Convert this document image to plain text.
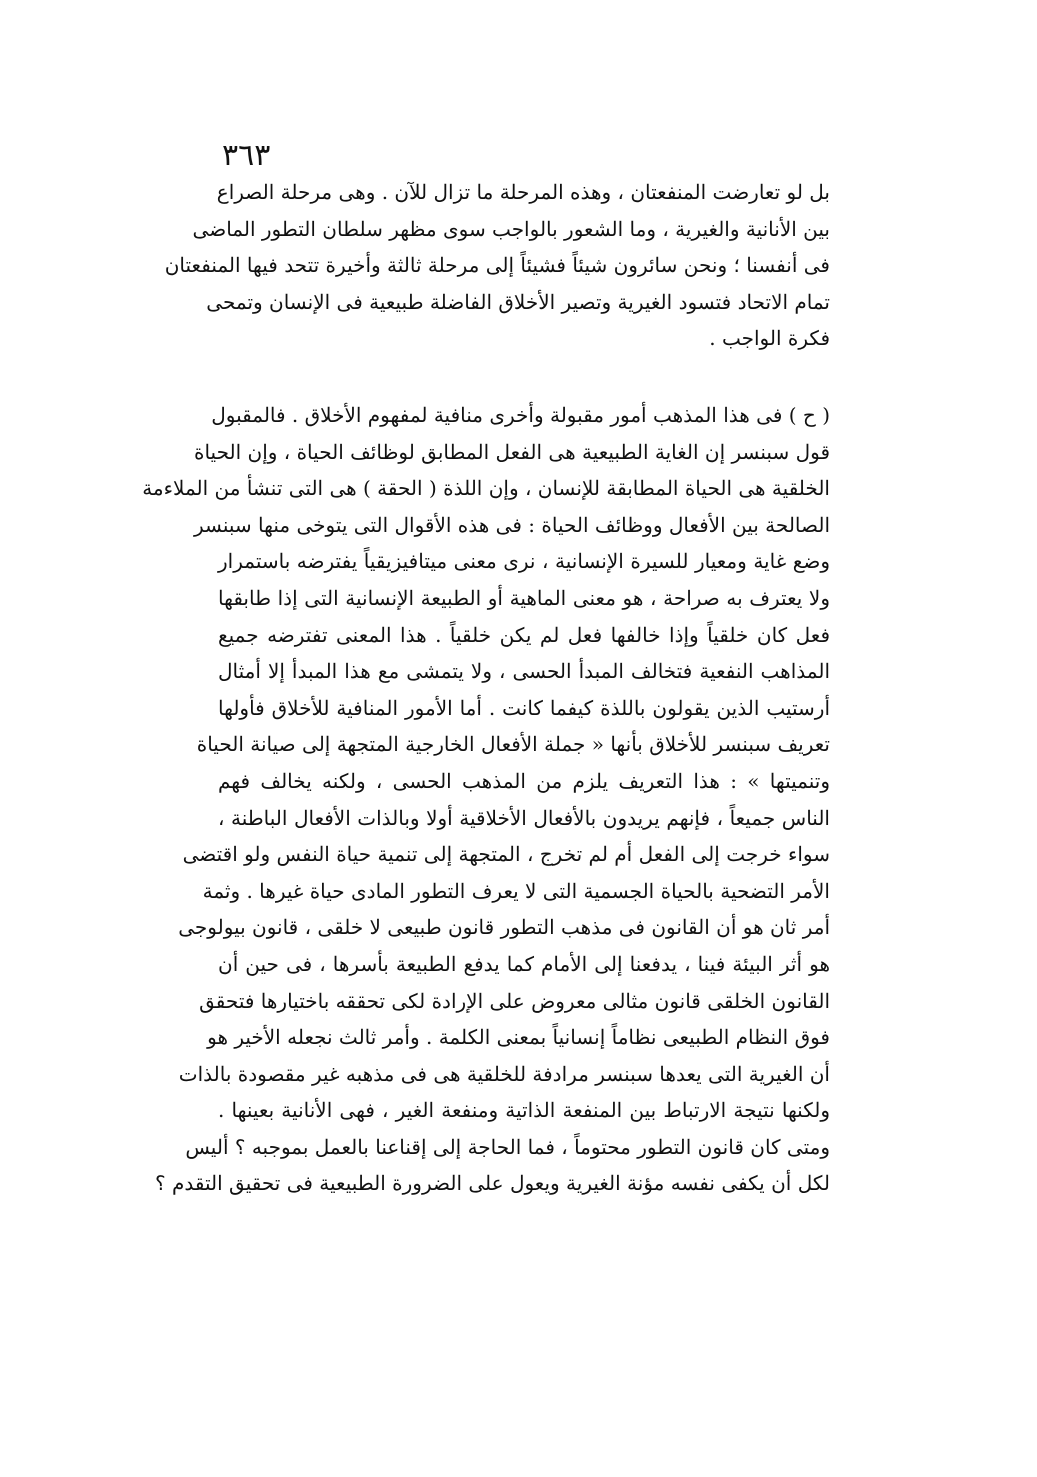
٣٦٣
بل لو تعارضت المنفعتان ، وهذه المرحلة ما تزال للآن . وهى مرحلة الصراع
بين الأنانية والغيرية ، وما الشعور بالواجب سوى مظهر سلطان التطور الماضى
فى أنفسنا ؛ ونحن سائرون شيئاً فشيئاً إلى مرحلة ثالثة وأخيرة تتحد فيها المنفعتان
تمام الاتحاد فتسود الغيرية وتصير الأخلاق الفاضلة طبيعية فى الإنسان وتمحى
فكرة الواجب .
( ح ) فى هذا المذهب أمور مقبولة وأخرى منافية لمفهوم الأخلاق . فالمقبول
قول سبنسر إن الغاية الطبيعية هى الفعل المطابق لوظائف الحياة ، وإن الحياة
الخلقية هى الحياة المطابقة للإنسان ، وإن اللذة ( الحقة ) هى التى تنشأ من الملاءمة
الصالحة بين الأفعال ووظائف الحياة : فى هذه الأقوال التى يتوخى منها سبنسر
وضع غاية ومعيار للسيرة الإنسانية ، نرى معنى ميتافيزيقياً يفترضه باستمرار
ولا يعترف به صراحة ، هو معنى الماهية أو الطبيعة الإنسانية التى إذا طابقها
فعل كان خلقياً وإذا خالفها فعل لم يكن خلقياً . هذا المعنى تفترضه جميع
المذاهب النفعية فتخالف المبدأ الحسى ، ولا يتمشى مع هذا المبدأ إلا أمثال
أرستيب الذين يقولون باللذة كيفما كانت . أما الأمور المنافية للأخلاق فأولها
تعريف سبنسر للأخلاق بأنها « جملة الأفعال الخارجية المتجهة إلى صيانة الحياة
وتنميتها » : هذا التعريف يلزم من المذهب الحسى ، ولكنه يخالف فهم
الناس جميعاً ، فإنهم يريدون بالأفعال الأخلاقية أولا وبالذات الأفعال الباطنة ،
سواء خرجت إلى الفعل أم لم تخرج ، المتجهة إلى تنمية حياة النفس ولو اقتضى
الأمر التضحية بالحياة الجسمية التى لا يعرف التطور المادى حياة غيرها . وثمة
أمر ثان هو أن القانون فى مذهب التطور قانون طبيعى لا خلقى ، قانون بيولوجى
هو أثر البيئة فينا ، يدفعنا إلى الأمام كما يدفع الطبيعة بأسرها ، فى حين أن
القانون الخلقى قانون مثالى معروض على الإرادة لكى تحققه باختيارها فتحقق
فوق النظام الطبيعى نظاماً إنسانياً بمعنى الكلمة . وأمر ثالث نجعله الأخير هو
أن الغيرية التى يعدها سبنسر مرادفة للخلقية هى فى مذهبه غير مقصودة بالذات
ولكنها نتيجة الارتباط بين المنفعة الذاتية ومنفعة الغير ، فهى الأنانية بعينها .
ومتى كان قانون التطور محتوماً ، فما الحاجة إلى إقناعنا بالعمل بموجبه ؟ أليس
لكل أن يكفى نفسه مؤنة الغيرية ويعول على الضرورة الطبيعية فى تحقيق التقدم ؟
